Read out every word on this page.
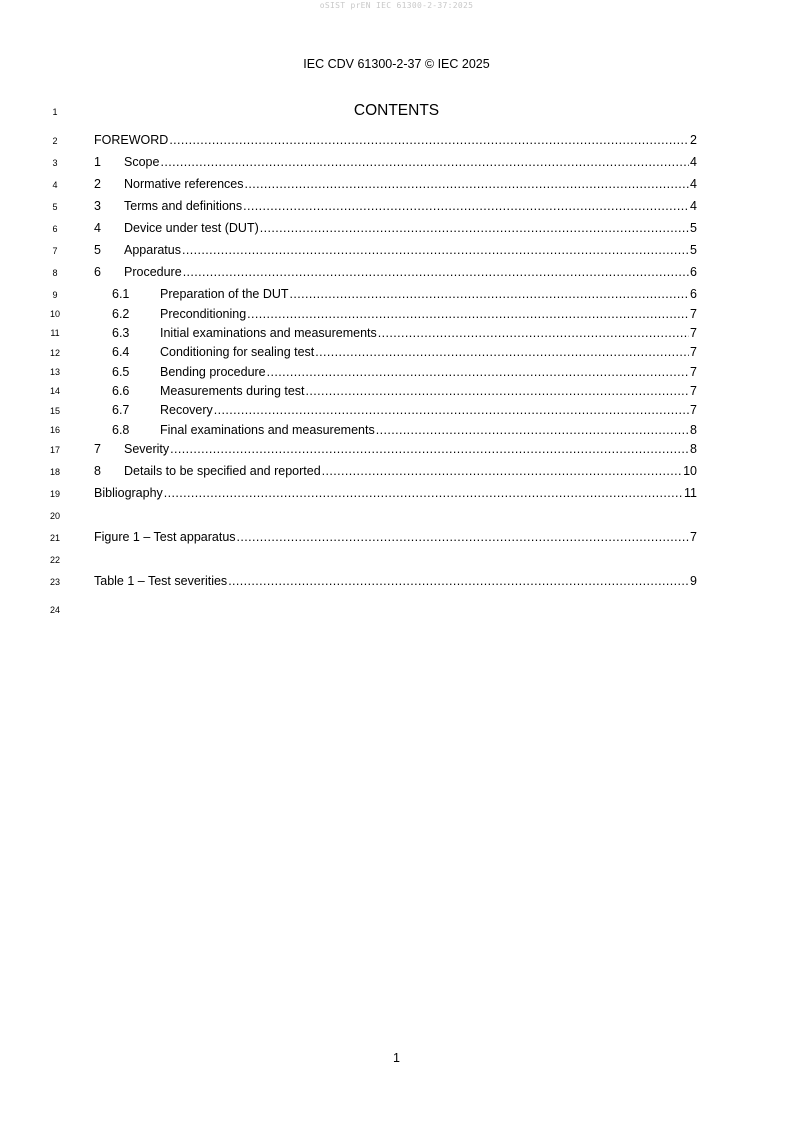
oSIST prEN IEC 61300-2-37:2025
IEC CDV 61300-2-37 © IEC 2025
1
2
3
4
5
6
7
8
9
10
11
12
13
14
15
16
17
18
19
20
21
22
23
24
CONTENTS
FOREWORD .....	2
1	Scope .....	4
2	Normative references .....	4
3	Terms and definitions .....	4
4	Device under test (DUT) .....	5
5	Apparatus .....	5
6	Procedure .....	6
6.1	Preparation of the DUT .....	6
6.2	Preconditioning .....	7
6.3	Initial examinations and measurements .....	7
6.4	Conditioning for sealing test .....	7
6.5	Bending procedure .....	7
6.6	Measurements during test .....	7
6.7	Recovery .....	7
6.8	Final examinations and measurements .....	8
7	Severity .....	8
8	Details to be specified and reported .....	10
Bibliography .....	11
Figure 1 – Test apparatus .....	7
Table 1 – Test severities .....	9
1
